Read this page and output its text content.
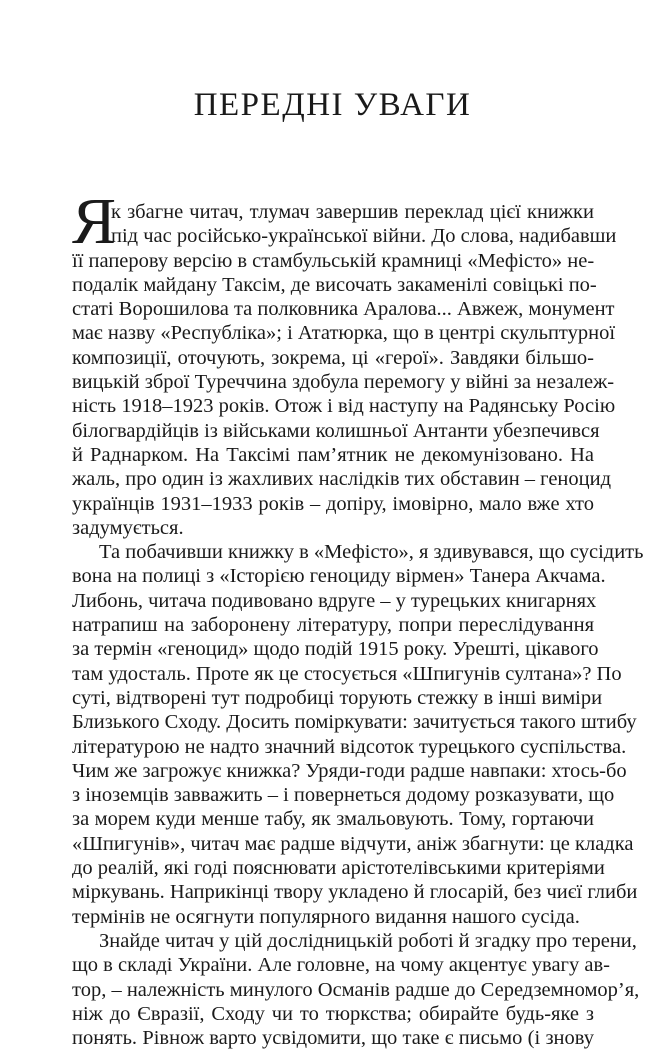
ПЕРЕДНІ УВАГИ
Я
к збагне читач, тлумач завершив переклад цієї книжки
під час російсько-української війни. До слова, надибавши
її паперову версію в стамбульській крамниці «Мефісто» не-
подалік майдану Таксім, де височать закаменілі совіцькі по-
статі Ворошилова та полковника Аралова... Авжеж, монумент
має назву «Республіка»; і Ататюрка, що в центрі скульптурної
композиції, оточують, зокрема, ці «герої». Завдяки більшо-
вицькій зброї Туреччина здобула перемогу у війні за незалеж-
ність 1918–1923 років. Отож і від наступу на Радянську Росію
білогвардійців із військами колишньої Антанти убезпечився
й Раднарком. На Таксімі пам’ятник не декомунізовано. На
жаль, про один із жахливих наслідків тих обставин – геноцид
українців 1931–1933 років – допіру, імовірно, мало вже хто
задумується.
Та побачивши книжку в «Мефісто», я здивувався, що сусідить
вона на полиці з «Історією геноциду вірмен» Танера Акчама.
Либонь, читача подивовано вдруге – у турецьких книгарнях
натрапиш на заборонену літературу, попри переслідування
за термін «геноцид» щодо подій 1915 року. Урешті, цікавого
там удосталь. Проте як це стосується «Шпигунів султана»? По
суті, відтворені тут подробиці торують стежку в інші виміри
Близького Сходу. Досить поміркувати: зачитується такого штибу
літературою не надто значний відсоток турецького суспільства.
Чим же загрожує книжка? Уряди-годи радше навпаки: хтось-бо
з іноземців завважить – і повернеться додому розказувати, що
за морем куди менше табу, як змальовують. Тому, гортаючи
«Шпигунів», читач має радше відчути, аніж збагнути: це кладка
до реалій, які годі пояснювати арістотелівськими критеріями
міркувань. Наприкінці твору укладено й глосарій, без чиєї глиби
термінів не осягнути популярного видання нашого сусіда.
Знайде читач у цій дослідницькій роботі й згадку про терени,
що в складі України. Але головне, на чому акцентує увагу ав-
тор, – належність минулого Османів радше до Середземномор’я,
ніж до Євразії, Сходу чи то тюркства; обирайте будь-яке з
понять. Рівнож варто усвідомити, що таке є письмо (і знову
